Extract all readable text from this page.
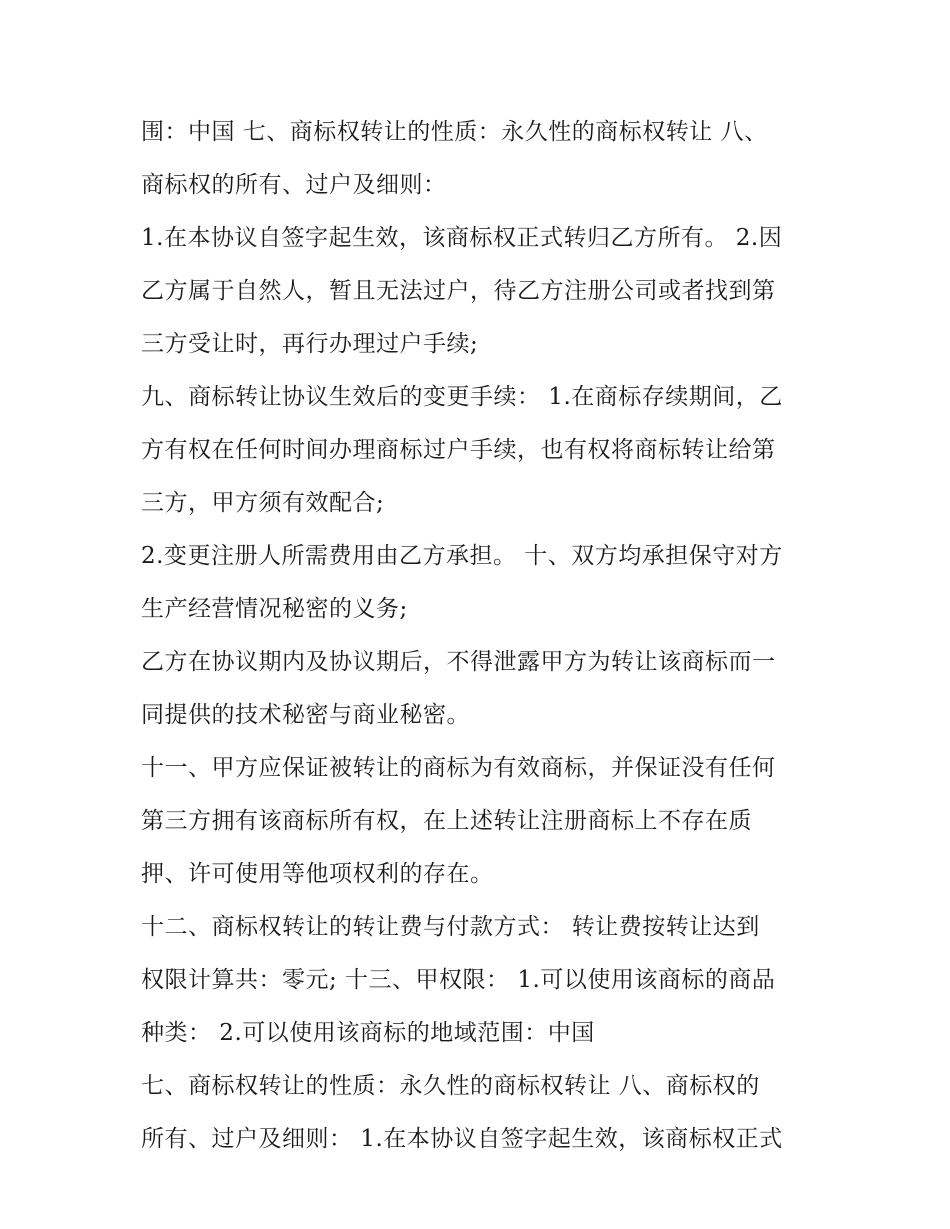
围：中国 七、商标权转让的性质：永久性的商标权转让 八、
商标权的所有、过户及细则：
1.在本协议自签字起生效，该商标权正式转归乙方所有。 2.因
乙方属于自然人，暂且无法过户，待乙方注册公司或者找到第
三方受让时，再行办理过户手续;
九、商标转让协议生效后的变更手续： 1.在商标存续期间，乙
方有权在任何时间办理商标过户手续，也有权将商标转让给第
三方，甲方须有效配合;
2.变更注册人所需费用由乙方承担。 十、双方均承担保守对方
生产经营情况秘密的义务;
乙方在协议期内及协议期后，不得泄露甲方为转让该商标而一
同提供的技术秘密与商业秘密。
十一、甲方应保证被转让的商标为有效商标，并保证没有任何
第三方拥有该商标所有权，在上述转让注册商标上不存在质
押、许可使用等他项权利的存在。
十二、商标权转让的转让费与付款方式： 转让费按转让达到
权限计算共：零元; 十三、甲权限： 1.可以使用该商标的商品
种类： 2.可以使用该商标的地域范围：中国
七、商标权转让的性质：永久性的商标权转让 八、商标权的
所有、过户及细则： 1.在本协议自签字起生效，该商标权正式
